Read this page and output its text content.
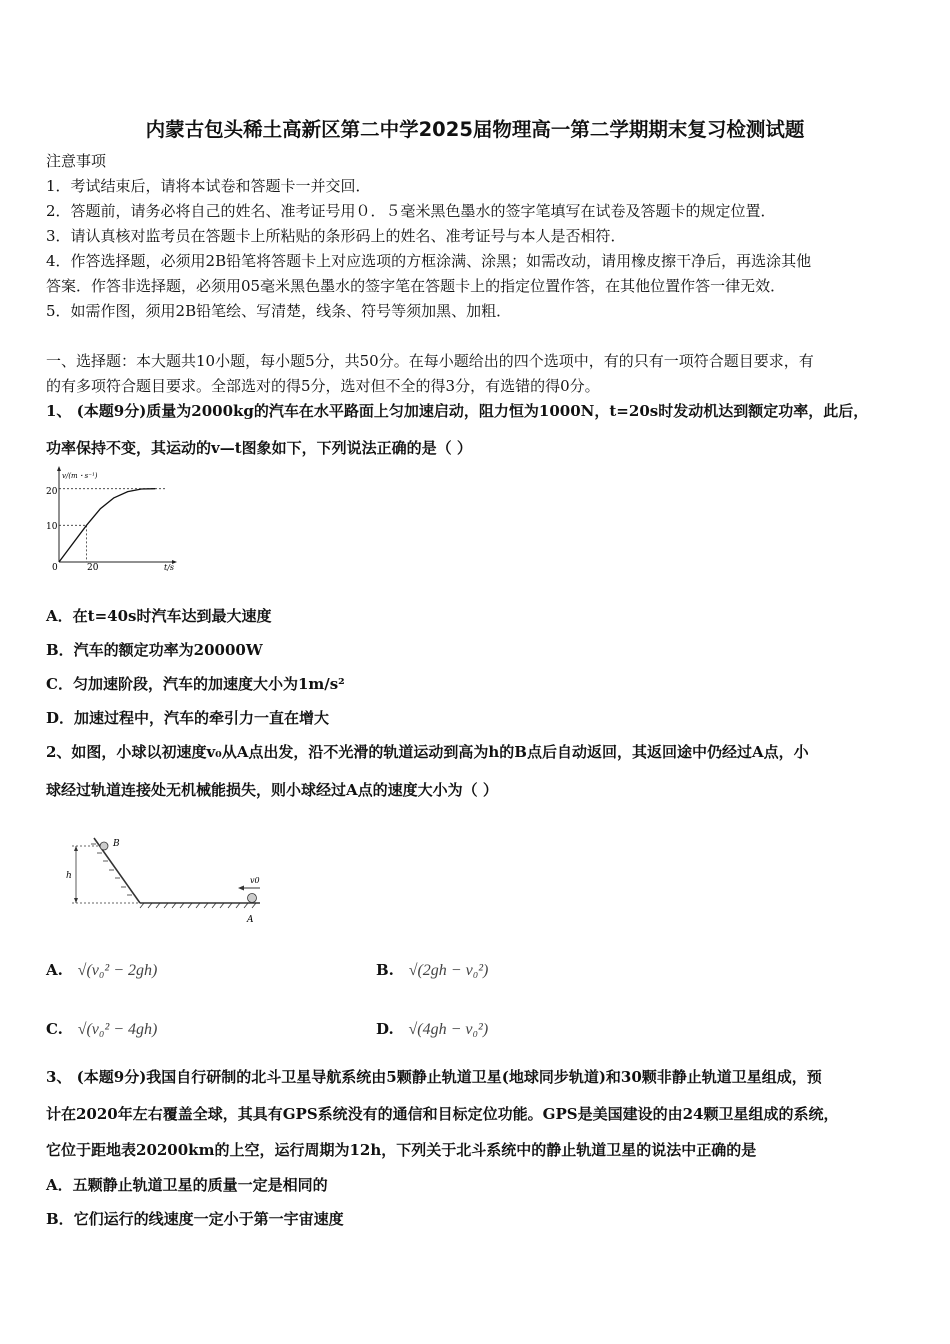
内蒙古包头稀土高新区第二中学2025届物理高一第二学期期末复习检测试题
注意事项
1．考试结束后，请将本试卷和答题卡一并交回．
2．答题前，请务必将自己的姓名、准考证号用０．５毫米黑色墨水的签字笔填写在试卷及答题卡的规定位置．
3．请认真核对监考员在答题卡上所粘贴的条形码上的姓名、准考证号与本人是否相符．
4．作答选择题，必须用2B铅笔将答题卡上对应选项的方框涂满、涂黑；如需改动，请用橡皮擦干净后，再选涂其他
答案．作答非选择题，必须用05毫米黑色墨水的签字笔在答题卡上的指定位置作答，在其他位置作答一律无效．
5．如需作图，须用2B铅笔绘、写清楚，线条、符号等须加黑、加粗．
一、选择题：本大题共10小题，每小题5分，共50分。在每小题给出的四个选项中，有的只有一项符合题目要求，有
的有多项符合题目要求。全部选对的得5分，选对但不全的得3分，有选错的得0分。
1、 (本题9分)质量为2000kg的汽车在水平路面上匀加速启动，阻力恒为1000N，t=20s时发动机达到额定功率，此后，
功率保持不变，其运动的v—t图象如下，下列说法正确的是（ ）
v/(m・s⁻¹)
t/s
0	20
10
20
A．在t=40s时汽车达到最大速度
B．汽车的额定功率为20000W
C．匀加速阶段，汽车的加速度大小为1m/s²
D．加速过程中，汽车的牵引力一直在增大
2、如图，小球以初速度v₀从A点出发，沿不光滑的轨道运动到高为h的B点后自动返回，其返回途中仍经过A点，小
球经过轨道连接处无机械能损失，则小球经过A点的速度大小为（ ）
B
h	v0
A
A. √(v₀² − 2gh)	B. √(2gh − v₀²)
C. √(v₀² − 4gh)	D. √(4gh − v₀²)
3、 (本题9分)我国自行研制的北斗卫星导航系统由5颗静止轨道卫星(地球同步轨道)和30颗非静止轨道卫星组成，预
计在2020年左右覆盖全球，其具有GPS系统没有的通信和目标定位功能。GPS是美国建设的由24颗卫星组成的系统，
它位于距地表20200km的上空，运行周期为12h，下列关于北斗系统中的静止轨道卫星的说法中正确的是
A．五颗静止轨道卫星的质量一定是相同的
B．它们运行的线速度一定小于第一宇宙速度
